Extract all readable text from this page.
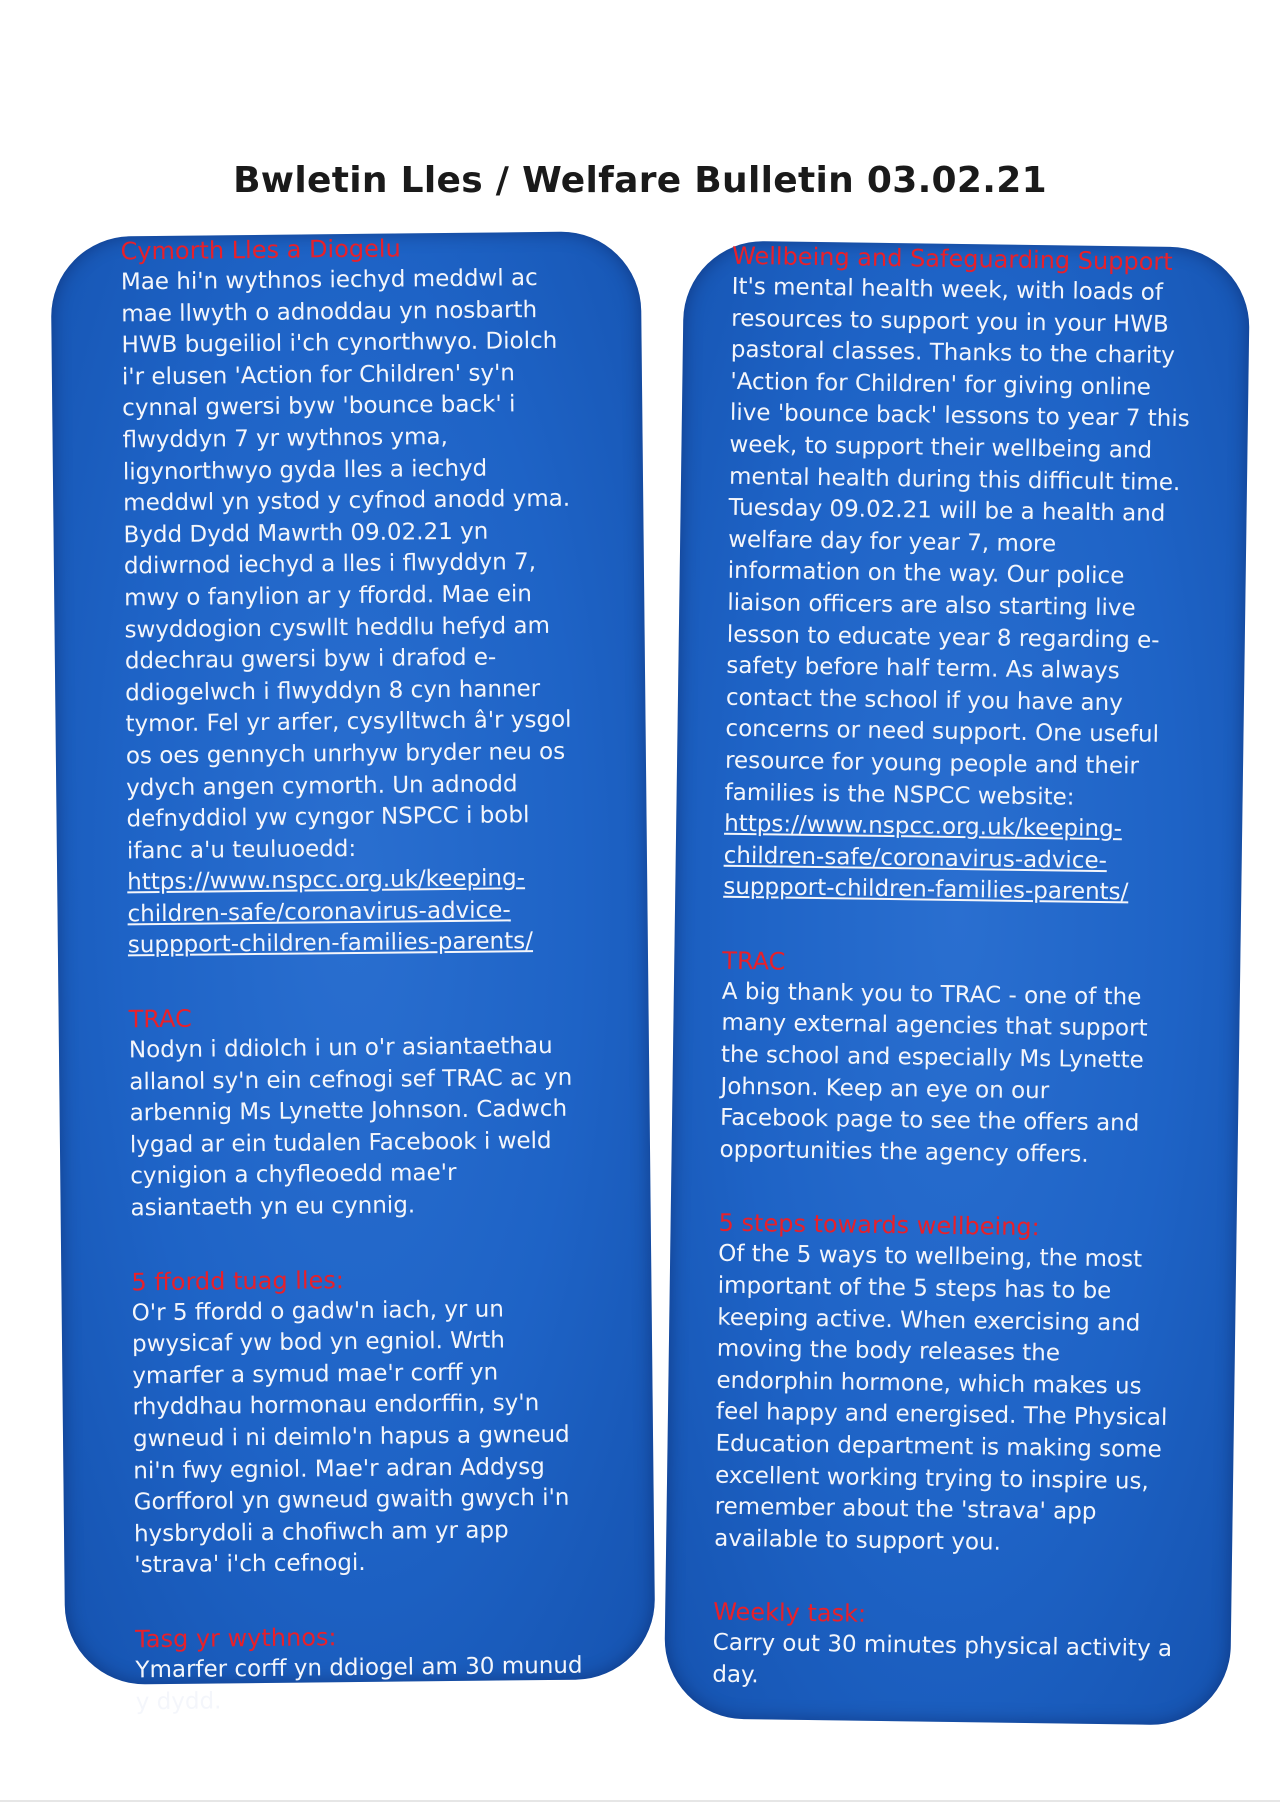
Bwletin Lles / Welfare Bulletin 03.02.21
Cymorth Lles a Diogelu
Mae hi'n wythnos iechyd meddwl ac
mae llwyth o adnoddau yn nosbarth
HWB bugeiliol i'ch cynorthwyo. Diolch
i'r elusen 'Action for Children' sy'n
cynnal gwersi byw 'bounce back' i
flwyddyn 7 yr wythnos yma,
ligynorthwyo gyda lles a iechyd
meddwl yn ystod y cyfnod anodd yma.
Bydd Dydd Mawrth 09.02.21 yn
ddiwrnod iechyd a lles i flwyddyn 7,
mwy o fanylion ar y ffordd. Mae ein
swyddogion cyswllt heddlu hefyd am
ddechrau gwersi byw i drafod e-
ddiogelwch i flwyddyn 8 cyn hanner
tymor. Fel yr arfer, cysylltwch â'r ysgol
os oes gennych unrhyw bryder neu os
ydych angen cymorth. Un adnodd
defnyddiol yw cyngor NSPCC i bobl
ifanc a'u teuluoedd:
https://www.nspcc.org.uk/keeping-
children-safe/coronavirus-advice-
suppport-children-families-parents/
TRAC
Nodyn i ddiolch i un o'r asiantaethau
allanol sy'n ein cefnogi sef TRAC ac yn
arbennig Ms Lynette Johnson. Cadwch
lygad ar ein tudalen Facebook i weld
cynigion a chyfleoedd mae'r
asiantaeth yn eu cynnig.
5 ffordd tuag lles:
O'r 5 ffordd o gadw'n iach, yr un
pwysicaf yw bod yn egniol. Wrth
ymarfer a symud mae'r corff yn
rhyddhau hormonau endorffin, sy'n
gwneud i ni deimlo'n hapus a gwneud
ni'n fwy egniol. Mae'r adran Addysg
Gorfforol yn gwneud gwaith gwych i'n
hysbrydoli a chofiwch am yr app
'strava' i'ch cefnogi.
Tasg yr wythnos:
Ymarfer corff yn ddiogel am 30 munud
y dydd.
Wellbeing and Safeguarding Support
It's mental health week, with loads of
resources to support you in your HWB
pastoral classes. Thanks to the charity
'Action for Children' for giving online
live 'bounce back' lessons to year 7 this
week, to support their wellbeing and
mental health during this difficult time.
Tuesday 09.02.21 will be a health and
welfare day for year 7, more
information on the way. Our police
liaison officers are also starting live
lesson to educate year 8 regarding e-
safety before half term. As always
contact the school if you have any
concerns or need support. One useful
resource for young people and their
families is the NSPCC website:
https://www.nspcc.org.uk/keeping-
children-safe/coronavirus-advice-
suppport-children-families-parents/
TRAC
A big thank you to TRAC - one of the
many external agencies that support
the school and especially Ms Lynette
Johnson. Keep an eye on our
Facebook page to see the offers and
opportunities the agency offers.
5 steps towards wellbeing:
Of the 5 ways to wellbeing, the most
important of the 5 steps has to be
keeping active. When exercising and
moving the body releases the
endorphin hormone, which makes us
feel happy and energised. The Physical
Education department is making some
excellent working trying to inspire us,
remember about the 'strava' app
available to support you.
Weekly task:
Carry out 30 minutes physical activity a
day.
